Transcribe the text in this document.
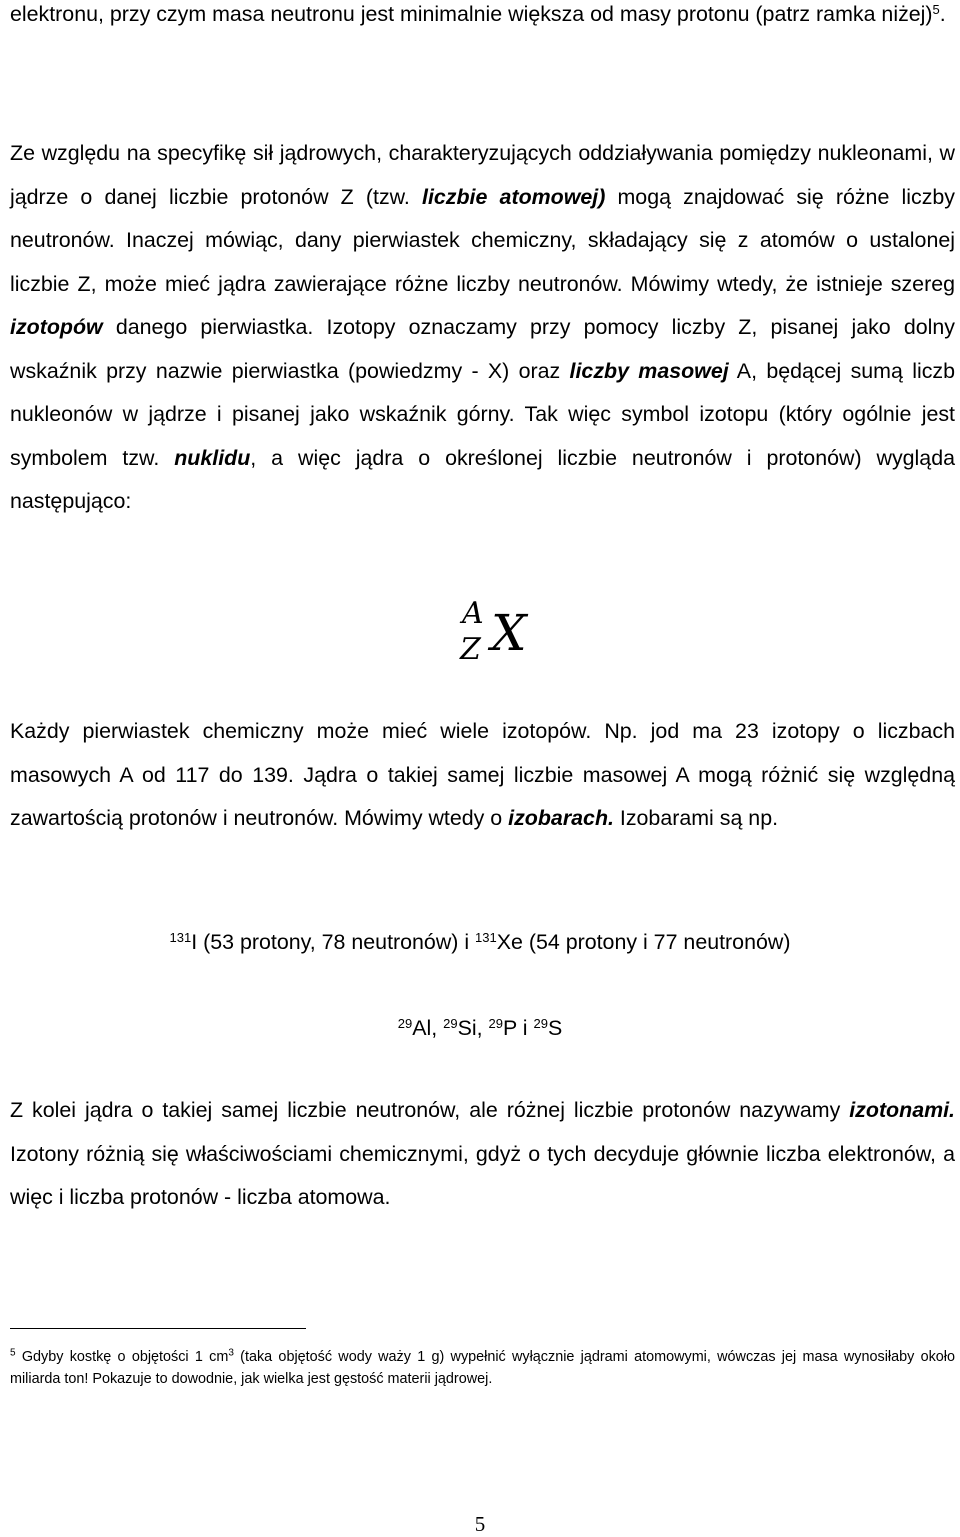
elektronu, przy czym masa neutronu jest minimalnie większa od masy protonu (patrz ramka niżej)$^5$.

Ze względu na specyfikę sił jądrowych, charakteryzujących oddziaływania pomiędzy nukleonami, w jądrze o danej liczbie protonów Z (tzw. liczbie atomowej) mogą znajdować się różne liczby neutronów. Inaczej mówiąc, dany pierwiastek chemiczny, składający się z atomów o ustalonej liczbie Z, może mieć jądra zawierające różne liczby neutronów. Mówimy wtedy, że istnieje szereg izotopów danego pierwiastka. Izotopy oznaczamy przy pomocy liczby Z, pisanej jako dolny wskaźnik przy nazwie pierwiastka (powiedzmy - X) oraz liczby masowej A, będącej sumą liczb nukleonów w jądrze i pisanej jako wskaźnik górny. Tak więc symbol izotopu (który ogólnie jest symbolem tzw. nuklidu, a więc jądra o określonej liczbie neutronów i protonów) wygląda następująco:

A
Z X

Każdy pierwiastek chemiczny może mieć wiele izotopów. Np. jod ma 23 izotopy o liczbach masowych A od 117 do 139. Jądra o takiej samej liczbie masowej A mogą różnić się względną zawartością protonów i neutronów. Mówimy wtedy o izobarach. Izobarami są np.

$^{131}$I (53 protony, 78 neutronów) i $^{131}$Xe (54 protony i 77 neutronów)

$^{29}$Al, $^{29}$Si, $^{29}$P i $^{29}$S

Z kolei jądra o takiej samej liczbie neutronów, ale różnej liczbie protonów nazywamy izotonami. Izotony różnią się właściwościami chemicznymi, gdyż o tych decyduje głównie liczba elektronów, a więc i liczba protonów - liczba atomowa.

$^5$ Gdyby kostkę o objętości 1 $cm^3$ (taka objętość wody waży 1 g) wypełnić wyłącznie jądrami atomowymi, wówczas jej masa wynosiłaby około miliarda ton! Pokazuje to dowodnie, jak wielka jest gęstość materii jądrowej.

5
